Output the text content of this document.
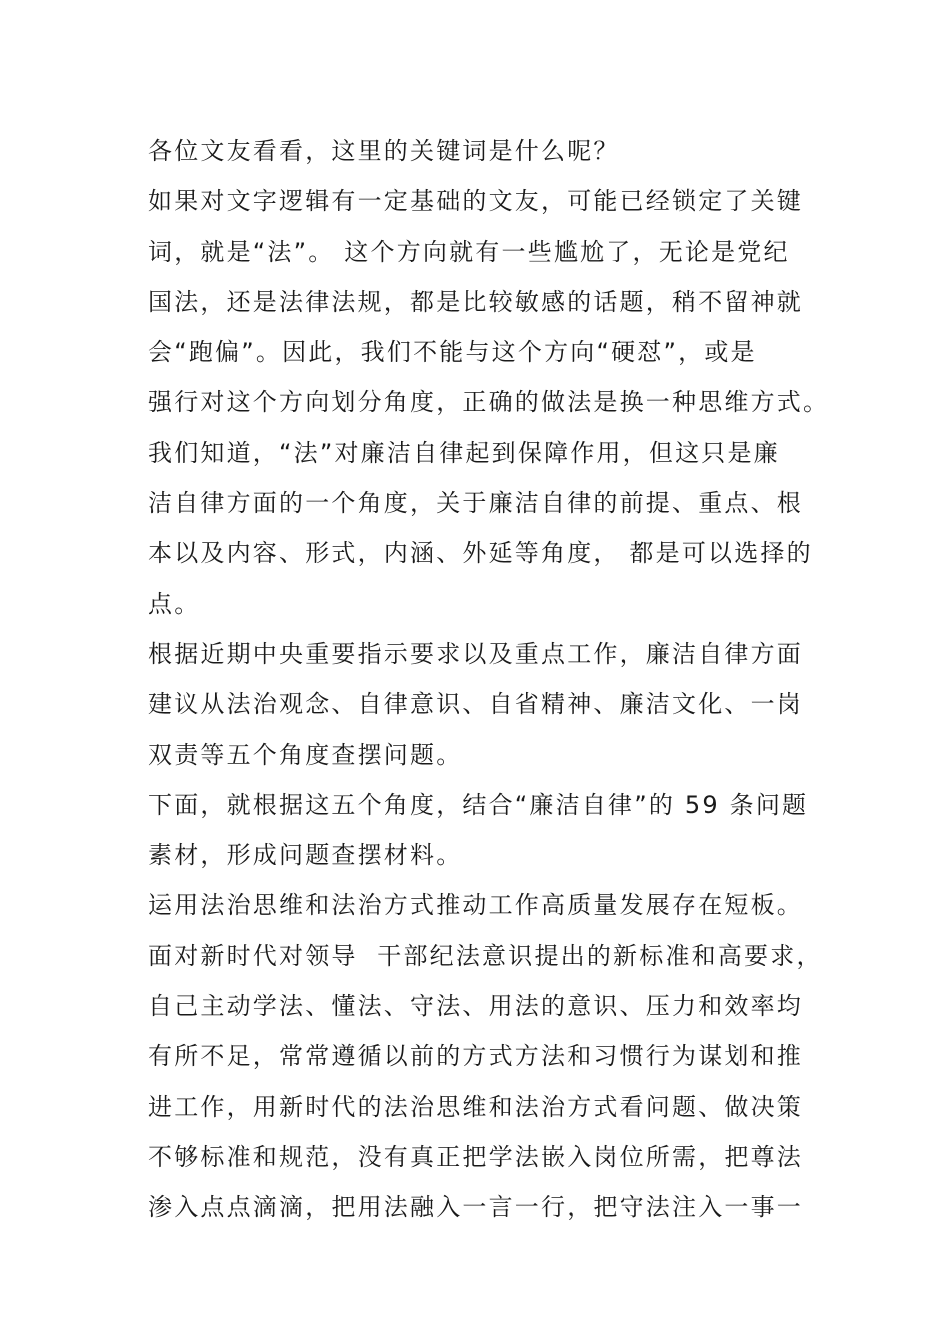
各位文友看看，这里的关键词是什么呢？
如果对文字逻辑有一定基础的文友，可能已经锁定了关键
词，就是“法”。 这个方向就有一些尴尬了，无论是党纪
国法，还是法律法规，都是比较敏感的话题，稍不留神就
会“跑偏”。因此，我们不能与这个方向“硬怼”，或是
强行对这个方向划分角度，正确的做法是换一种思维方式。
我们知道，“法”对廉洁自律起到保障作用，但这只是廉
洁自律方面的一个角度，关于廉洁自律的前提、重点、根
本以及内容、形式，内涵、外延等角度， 都是可以选择的
点。
根据近期中央重要指示要求以及重点工作，廉洁自律方面
建议从法治观念、自律意识、自省精神、廉洁文化、一岗
双责等五个角度查摆问题。
下面，就根据这五个角度，结合“廉洁自律”的 59 条问题
素材，形成问题查摆材料。
运用法治思维和法治方式推动工作高质量发展存在短板。
面对新时代对领导  干部纪法意识提出的新标准和高要求，
自己主动学法、懂法、守法、用法的意识、压力和效率均
有所不足，常常遵循以前的方式方法和习惯行为谋划和推
进工作，用新时代的法治思维和法治方式看问题、做决策
不够标准和规范，没有真正把学法嵌入岗位所需，把尊法
渗入点点滴滴，把用法融入一言一行，把守法注入一事一
